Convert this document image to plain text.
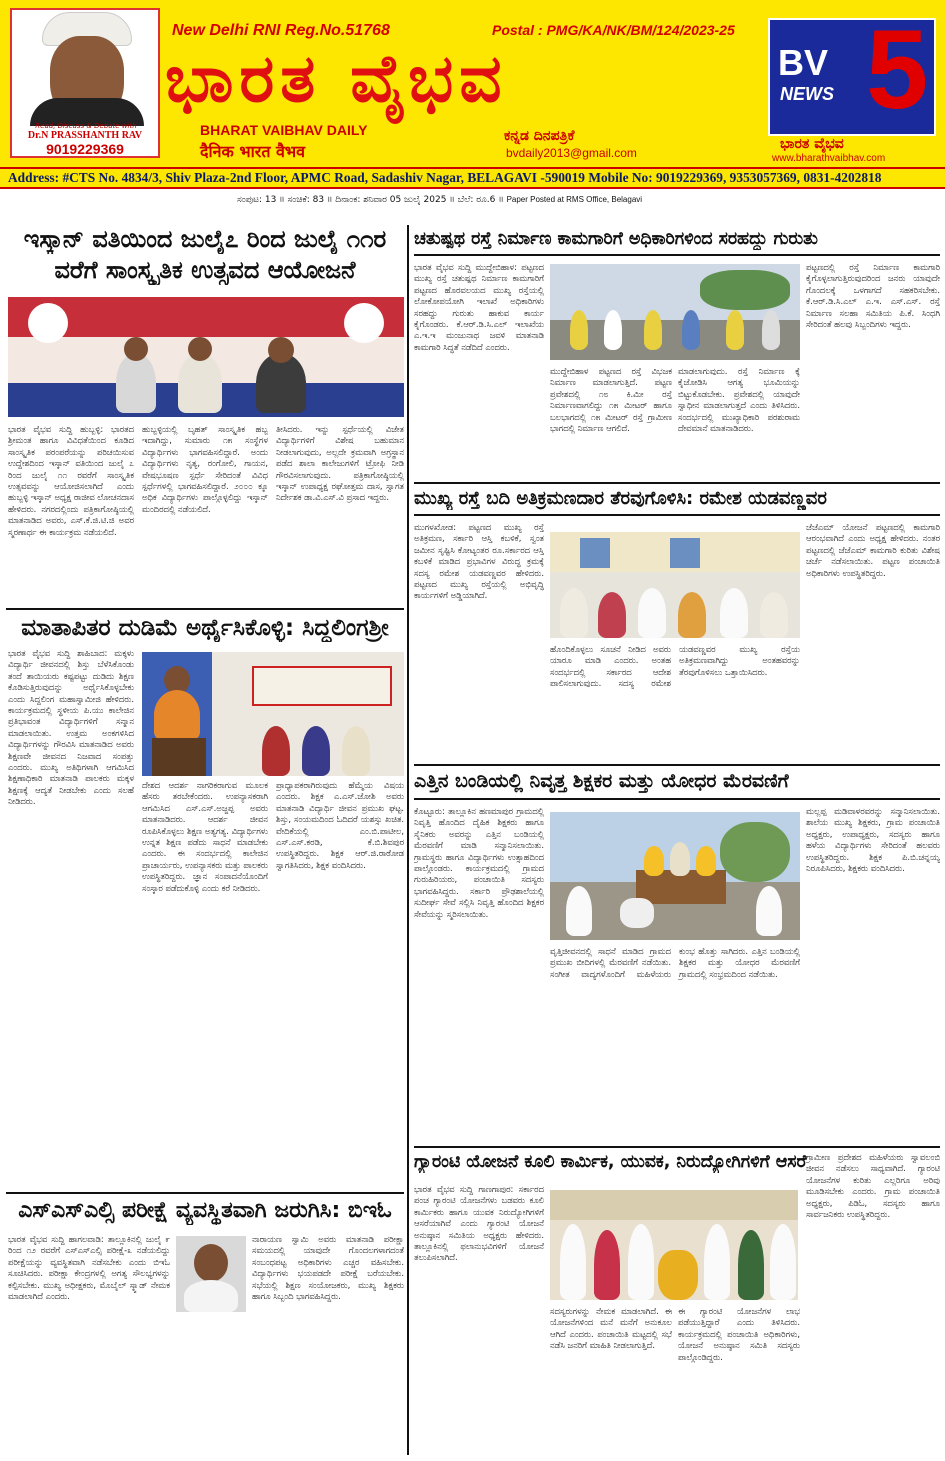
Read, Discuss & Debate with
Dr.N PRASSHANTH RAV
9019229369
New Delhi RNI Reg.No.51768	Postal : PMG/KA/NK/BM/124/2023-25
ಭಾರತ ವೈಭವ
BHARAT VAIBHAV DAILY
दैनिक भारत वैभव
ಕನ್ನಡ ದಿನಪತ್ರಿಕೆ
bvdaily2013@gmail.com
BV
NEWS 5
ಭಾರತ ವೈಭವ
www.bharathvaibhav.com
Address: #CTS No. 4834/3, Shiv Plaza-2nd Floor, APMC Road, Sadashiv Nagar, BELAGAVI -590019 Mobile No: 9019229369, 9353057369, 0831-4202818
ಸಂಪುಟ: 13 ॥ ಸಂಚಿಕೆ: 83 ॥ ದಿನಾಂಕ: ಶನಿವಾರ 05 ಜುಲೈ 2025 ॥ ಬೆಲೆ: ರೂ.6 ॥ Paper Posted at RMS Office, Belagavi
ಇಸ್ಕಾನ್ ವತಿಯಿಂದ ಜುಲೈ೭ ರಿಂದ ಜುಲೈ ೧೧ರ
ವರೆಗೆ ಸಾಂಸ್ಕೃತಿಕ ಉತ್ಸವದ ಆಯೋಜನೆ
ಭಾರತ ವೈಭವ ಸುದ್ದಿ ಹುಬ್ಬಳ್ಳಿ: ಭಾರತದ ಶ್ರೀಮಂತ ಹಾಗೂ ವಿವಿಧತೆಯಿಂದ ಕೂಡಿದ ಸಾಂಸ್ಕೃತಿಕ ಪರಂಪರೆಯನ್ನು ಪರಿಚಯಿಸುವ ಉದ್ದೇಶದಿಂದ ಇಸ್ಕಾನ್ ವತಿಯಿಂದ ಜುಲೈ ೭ ರಿಂದ ಜುಲೈ ೧೧ ರವರೆಗೆ ಸಾಂಸ್ಕೃತಿಕ ಉತ್ಸವವನ್ನು ಆಯೋಜಿಸಲಾಗಿದೆ ಎಂದು ಹುಬ್ಬಳ್ಳಿ ಇಸ್ಕಾನ್ ಅಧ್ಯಕ್ಷ ರಾಜೀವ ಲೋಚನದಾಸ ಹೇಳಿದರು. ನಗರದಲ್ಲಿಂದು ಪತ್ರಿಕಾಗೋಷ್ಠಿಯಲ್ಲಿ ಮಾತನಾಡಿದ ಅವರು, ಎಸ್.ಕೆ.ಜಿ.ಟಿ.ಜಿ ಅವರ ಸ್ಮರಣಾರ್ಥ ಈ ಕಾರ್ಯಕ್ರಮ ನಡೆಯಲಿದೆ.
ಹುಬ್ಬಳ್ಳಿಯಲ್ಲಿ ಬೃಹತ್ ಸಾಂಸ್ಕೃತಿಕ ಹಬ್ಬ ಇದಾಗಿದ್ದು, ಸುಮಾರು ೧೫ ಸಂಸ್ಥೆಗಳ ವಿದ್ಯಾರ್ಥಿಗಳು ಭಾಗವಹಿಸಲಿದ್ದಾರೆ. ಅಂದು ವಿದ್ಯಾರ್ಥಿಗಳು ನೃತ್ಯ, ರಂಗೋಲಿ, ಗಾಯನ, ವೇಷಭೂಷಣ ಸ್ಪರ್ಧೆ ಸೇರಿದಂತೆ ವಿವಿಧ ಸ್ಪರ್ಧೆಗಳಲ್ಲಿ ಭಾಗವಹಿಸಲಿದ್ದಾರೆ. ೨೦೦೦ ಕ್ಕೂ ಅಧಿಕ ವಿದ್ಯಾರ್ಥಿಗಳು ಪಾಲ್ಗೊಳ್ಳಲಿದ್ದು ಇಸ್ಕಾನ್ ಮಂದಿರದಲ್ಲಿ ನಡೆಯಲಿದೆ.
ತೀಸಿದರು. ಇನ್ನು ಸ್ಪರ್ಧೆಯಲ್ಲಿ ವಿಜೇತ ವಿದ್ಯಾರ್ಥಿಗಳಿಗೆ ವಿಶೇಷ ಬಹುಮಾನ ನೀಡಲಾಗುವುದು, ಅಲ್ಲದೇ ಕ್ರಮವಾಗಿ ಅಗ್ರಸ್ಥಾನ ಪಡೆದ ಶಾಲಾ ಕಾಲೇಜುಗಳಿಗೆ ಟ್ರೋಫಿ ನೀಡಿ ಗೌರವಿಸಲಾಗುವುದು. ಪತ್ರಿಕಾಗೋಷ್ಠಿಯಲ್ಲಿ ಇಸ್ಕಾನ್ ಉಪಾಧ್ಯಕ್ಷ ರಘೋತ್ತಮ ದಾಸ, ಸ್ವಾಗತ ನಿರ್ದೇಶಕ ಡಾ.ವಿ.ಎಸ್.ವಿ ಪ್ರಸಾದ ಇದ್ದರು.
ಮಾತಾಪಿತರ ದುಡಿಮೆ ಅರ್ಥೈಸಿಕೊಳ್ಳಿ: ಸಿದ್ದಲಿಂಗಶ್ರೀ
ಭಾರತ ವೈಭವ ಸುದ್ದಿ ಶಾಹಿಬಾದ: ಮಕ್ಕಳು ವಿದ್ಯಾರ್ಥಿ ಜೀವನದಲ್ಲಿ ಶಿಸ್ತು ಬೆಳೆಸಿಕೊಂಡು ತಂದೆ ತಾಯಿಯರು ಕಷ್ಟಪಟ್ಟು ದುಡಿದು ಶಿಕ್ಷಣ ಕೊಡಿಸುತ್ತಿರುವುದನ್ನು ಅರ್ಥೈಸಿಕೊಳ್ಳಬೇಕು ಎಂದು ಸಿದ್ದಲಿಂಗ ಮಹಾಸ್ವಾಮೀಜಿ ಹೇಳಿದರು. ಕಾರ್ಯಕ್ರಮದಲ್ಲಿ ಸ್ಥಳೀಯ ಪಿ.ಯು ಕಾಲೇಜಿನ ಪ್ರತಿಭಾವಂತ ವಿದ್ಯಾರ್ಥಿಗಳಿಗೆ ಸನ್ಮಾನ ಮಾಡಲಾಯಿತು. ಉತ್ತಮ ಅಂಕಗಳಿಸಿದ ವಿದ್ಯಾರ್ಥಿಗಳನ್ನು ಗೌರವಿಸಿ ಮಾತನಾಡಿದ ಅವರು ಶಿಕ್ಷಣವೇ ಜೀವನದ ನಿಜವಾದ ಸಂಪತ್ತು ಎಂದರು. ಮುಖ್ಯ ಅತಿಥಿಗಳಾಗಿ ಆಗಮಿಸಿದ ಶಿಕ್ಷಣಾಧಿಕಾರಿ ಮಾತನಾಡಿ ಪಾಲಕರು ಮಕ್ಕಳ ಶಿಕ್ಷಣಕ್ಕೆ ಆದ್ಯತೆ ನೀಡಬೇಕು ಎಂದು ಸಲಹೆ ನೀಡಿದರು.
ದೇಶದ ಆದರ್ಶ ನಾಗರಿಕರಾಗುವ ಮೂಲಕ ಹೆಸರು ತರಬೇಕೆಂದರು. ಉಪನ್ಯಾಸಕರಾಗಿ ಆಗಮಿಸಿದ ಎಸ್.ಎಸ್.ಅಜ್ಜಪ್ಪ ಅವರು ಮಾತನಾಡಿದರು. ಆದರ್ಶ ಜೀವನ ರೂಪಿಸಿಕೊಳ್ಳಲು ಶಿಕ್ಷಣ ಅತ್ಯಗತ್ಯ. ವಿದ್ಯಾರ್ಥಿಗಳು ಉನ್ನತ ಶಿಕ್ಷಣ ಪಡೆದು ಸಾಧನೆ ಮಾಡಬೇಕು ಎಂದರು. ಈ ಸಂದರ್ಭದಲ್ಲಿ ಕಾಲೇಜಿನ ಪ್ರಾಚಾರ್ಯರು, ಉಪನ್ಯಾಸಕರು ಮತ್ತು ಪಾಲಕರು ಉಪಸ್ಥಿತರಿದ್ದರು. ಜ್ಞಾನ ಸಂಪಾದನೆಯೊಂದಿಗೆ ಸಂಸ್ಕಾರ ಪಡೆದುಕೊಳ್ಳಿ ಎಂದು ಕರೆ ನೀಡಿದರು.
ಪ್ರಾಧ್ಯಾಪಕರಾಗಿರುವುದು ಹೆಮ್ಮೆಯ ವಿಷಯ ಎಂದರು. ಶಿಕ್ಷಕ ಎ.ಎಸ್.ಜೋಶಿ ಅವರು ಮಾತನಾಡಿ ವಿದ್ಯಾರ್ಥಿ ಜೀವನ ಪ್ರಮುಖ ಘಟ್ಟ. ಶಿಸ್ತು, ಸಂಯಮದಿಂದ ಓದಿದರೆ ಯಶಸ್ಸು ಖಚಿತ. ವೇದಿಕೆಯಲ್ಲಿ ಎಂ.ಬಿ.ಪಾಟೀಲ, ಎಸ್.ಎಸ್.ಕರಡಿ, ಕೆ.ಬಿ.ಶಿವಪುರ ಉಪಸ್ಥಿತರಿದ್ದರು. ಶಿಕ್ಷಕ ಆರ್.ಜಿ.ರಾಠೋಡ ಸ್ವಾಗತಿಸಿದರು, ಶಿಕ್ಷಕ ವಂದಿಸಿದರು.
ಎಸ್‌ಎಸ್‌ಎಲ್ಸಿ ಪರೀಕ್ಷೆ ವ್ಯವಸ್ಥಿತವಾಗಿ ಜರುಗಿಸಿ: ಬಿಇಓ
ಭಾರತ ವೈಭವ ಸುದ್ದಿ ಹಾಗಲವಾಡಿ: ತಾಲ್ಲೂಕಿನಲ್ಲಿ ಜುಲೈ ೯ ರಿಂದ ೧೨ ರವರೆಗೆ ಎಸ್‌ಎಸ್‌ಎಲ್ಸಿ ಪರೀಕ್ಷೆ-೩ ನಡೆಯಲಿದ್ದು ಪರೀಕ್ಷೆಯನ್ನು ವ್ಯವಸ್ಥಿತವಾಗಿ ನಡೆಸಬೇಕು ಎಂದು ಬಿಇಓ ಸೂಚಿಸಿದರು. ಪರೀಕ್ಷಾ ಕೇಂದ್ರಗಳಲ್ಲಿ ಅಗತ್ಯ ಸೌಲಭ್ಯಗಳನ್ನು ಕಲ್ಪಿಸಬೇಕು. ಮುಖ್ಯ ಅಧೀಕ್ಷಕರು, ಮೊಬೈಲ್ ಸ್ಕ್ವಾಡ್ ನೇಮಕ ಮಾಡಲಾಗಿದೆ ಎಂದರು.
ನಾರಾಯಣ ಸ್ವಾಮಿ ಅವರು ಮಾತನಾಡಿ ಪರೀಕ್ಷಾ ಸಮಯದಲ್ಲಿ ಯಾವುದೇ ಗೊಂದಲಗಳಾಗದಂತೆ ಸಂಬಂಧಪಟ್ಟ ಅಧಿಕಾರಿಗಳು ಎಚ್ಚರ ವಹಿಸಬೇಕು. ವಿದ್ಯಾರ್ಥಿಗಳು ಭಯಪಡದೇ ಪರೀಕ್ಷೆ ಬರೆಯಬೇಕು. ಸಭೆಯಲ್ಲಿ ಶಿಕ್ಷಣ ಸಂಯೋಜಕರು, ಮುಖ್ಯ ಶಿಕ್ಷಕರು ಹಾಗೂ ಸಿಬ್ಬಂದಿ ಭಾಗವಹಿಸಿದ್ದರು.
ಚತುಷ್ಪಥ ರಸ್ತೆ ನಿರ್ಮಾಣ ಕಾಮಗಾರಿಗೆ ಅಧಿಕಾರಿಗಳಿಂದ ಸರಹದ್ದು ಗುರುತು
ಭಾರತ ವೈಭವ ಸುದ್ದಿ ಮುದ್ದೇಬಿಹಾಳ: ಪಟ್ಟಣದ ಮುಖ್ಯ ರಸ್ತೆ ಚತುಷ್ಪಥ ನಿರ್ಮಾಣ ಕಾಮಗಾರಿಗೆ ಪಟ್ಟಣದ ಹೊರವಲಯದ ಮುಖ್ಯ ರಸ್ತೆಯಲ್ಲಿ ಲೋಕೋಪಯೋಗಿ ಇಲಾಖೆ ಅಧಿಕಾರಿಗಳು ಸರಹದ್ದು ಗುರುತು ಹಾಕುವ ಕಾರ್ಯ ಕೈಗೊಂಡರು. ಕೆ.ಆರ್.ಡಿ.ಸಿ.ಎಲ್ ಇಲಾಖೆಯ ಎ.ಇ.ಇ ಮಂಜುನಾಥ ಜವಳಿ ಮಾತನಾಡಿ ಕಾಮಗಾರಿ ಸಿದ್ಧತೆ ನಡೆದಿದೆ ಎಂದರು.
ಮುದ್ದೇಬಿಹಾಳ ಪಟ್ಟಣದ ರಸ್ತೆ ವಿಭಜಕ ನಿರ್ಮಾಣ ಮಾಡಲಾಗುತ್ತಿದೆ. ಪಟ್ಟಣ ಪ್ರವೇಶದಲ್ಲಿ ೧೮ ಕಿ.ಮೀ ರಸ್ತೆ ನಿರ್ಮಾಣವಾಗಲಿದ್ದು ೧೫ ಮೀಟರ್ ಹಾಗೂ ಬಲಭಾಗದಲ್ಲಿ ೧೫ ಮೀಟರ್ ರಸ್ತೆ ಗ್ರಾಮೀಣ ಭಾಗದಲ್ಲಿ ನಿರ್ಮಾಣ ಆಗಲಿದೆ.
ಮಾಡಲಾಗುವುದು. ರಸ್ತೆ ನಿರ್ಮಾಣ ಕ್ಕೆ ಕೈಜೋಡಿಸಿ ಆಗತ್ಯ ಭೂಮಿಯನ್ನು ಬಿಟ್ಟುಕೊಡಬೇಕು. ಪ್ರವೇಶದಲ್ಲಿ ಯಾವುದೇ ಸ್ವಾಧೀನ ಮಾಡಲಾಗುತ್ತದೆ ಎಂದು ತಿಳಿಸಿದರು. ಸಂದರ್ಭದಲ್ಲಿ ಮುಖ್ಯಾಧಿಕಾರಿ ಪರಶುರಾಮ ದೇವಮಾನೆ ಮಾತನಾಡಿದರು.
ಪಟ್ಟಣದಲ್ಲಿ ರಸ್ತೆ ನಿರ್ಮಾಣ ಕಾಮಗಾರಿ ಕೈಗೊಳ್ಳಲಾಗುತ್ತಿರುವುದರಿಂದ ಜನರು ಯಾವುದೇ ಗೊಂದಲಕ್ಕೆ ಒಳಗಾಗದೆ ಸಹಕರಿಸಬೇಕು. ಕೆ.ಆರ್.ಡಿ.ಸಿ.ಎಲ್ ಎ.ಇ. ಎಸ್.ಎಸ್. ರಸ್ತೆ ನಿರ್ಮಾಣ ಸಲಹಾ ಸಮಿತಿಯ ಪಿ.ಕೆ. ಸಿಂಧಗಿ ಸೇರಿದಂತೆ ಹಲವು ಸಿಬ್ಬಂದಿಗಳು ಇದ್ದರು.
ಮುಖ್ಯ ರಸ್ತೆ ಬದಿ ಅತಿಕ್ರಮಣದಾರ ತೆರವುಗೊಳಿಸಿ: ರಮೇಶ ಯಡವಣ್ಣವರ
ಮುಗಳಖೋಡ: ಪಟ್ಟಣದ ಮುಖ್ಯ ರಸ್ತೆ ಅತಿಕ್ರಮಣ, ಸರ್ಕಾರಿ ಆಸ್ತಿ ಕಬಳಿಕೆ, ಸ್ವಂತ ಜಮೀನ ಸೃಷ್ಟಿಸಿ ಕೋಟ್ಯಂತರ ರೂ.ಸರ್ಕಾರದ ಆಸ್ತಿ ಕಬಳಿಕೆ ಮಾಡಿದ ಪ್ರಭಾವಿಗಳ ವಿರುದ್ಧ ಕ್ರಮಕ್ಕೆ ಸದಸ್ಯ ರಮೇಶ ಯಡವಣ್ಣವರ ಹೇಳಿದರು. ಪಟ್ಟಣದ ಮುಖ್ಯ ರಸ್ತೆಯಲ್ಲಿ ಅಭಿವೃದ್ಧಿ ಕಾರ್ಯಗಳಿಗೆ ಅಡ್ಡಿಯಾಗಿದೆ.
ಹೊಂದಿಕೊಳ್ಳಲು ಸೂಚನೆ ನೀಡಿದ ಅವರು ಯಾರೂ ಮಾಡಿ ಎಂದರು. ಅಂತಹ ಸಂದರ್ಭದಲ್ಲಿ ಸರ್ಕಾರದ ಆದೇಶ ಪಾಲಿಸಲಾಗುವುದು. ಸದಸ್ಯ ರಮೇಶ ಯಡವಣ್ಣವರ ಮುಖ್ಯ ರಸ್ತೆಯ ಅತಿಕ್ರಮಣವಾಗಿದ್ದು ಅಂತಹವರನ್ನು ತೆರವುಗೊಳಿಸಲು ಒತ್ತಾಯಿಸಿದರು.
ಜೆಜೆಎಮ್ ಯೋಜನೆ ಪಟ್ಟಣದಲ್ಲಿ ಕಾಮಗಾರಿ ಆರಂಭವಾಗಿದೆ ಎಂದು ಅಧ್ಯಕ್ಷ ಹೇಳಿದರು. ನಂತರ ಪಟ್ಟಣದಲ್ಲಿ ಜೆಜೆಎಮ್ ಕಾಮಗಾರಿ ಕುರಿತು ವಿಶೇಷ ಚರ್ಚೆ ನಡೆಸಲಾಯಿತು. ಪಟ್ಟಣ ಪಂಚಾಯಿತಿ ಅಧಿಕಾರಿಗಳು ಉಪಸ್ಥಿತರಿದ್ದರು.
ಎತ್ತಿನ ಬಂಡಿಯಲ್ಲಿ ನಿವೃತ್ತ ಶಿಕ್ಷಕರ ಮತ್ತು ಯೋಧರ ಮೆರವಣಿಗೆ
ಕೊಟ್ಟೂರು: ತಾಲ್ಲೂಕಿನ ಹಣಮಾಪುರ ಗ್ರಾಮದಲ್ಲಿ ನಿವೃತ್ತಿ ಹೊಂದಿದ ದೈಹಿಕ ಶಿಕ್ಷಕರು ಹಾಗೂ ಸೈನಿಕರು ಅವರನ್ನು ಎತ್ತಿನ ಬಂಡಿಯಲ್ಲಿ ಮೆರವಣಿಗೆ ಮಾಡಿ ಸನ್ಮಾನಿಸಲಾಯಿತು. ಗ್ರಾಮಸ್ಥರು ಹಾಗೂ ವಿದ್ಯಾರ್ಥಿಗಳು ಉತ್ಸಾಹದಿಂದ ಪಾಲ್ಗೊಂಡರು. ಕಾರ್ಯಕ್ರಮದಲ್ಲಿ ಗ್ರಾಮದ ಗುರುಹಿರಿಯರು, ಪಂಚಾಯಿತಿ ಸದಸ್ಯರು ಭಾಗವಹಿಸಿದ್ದರು. ಸರ್ಕಾರಿ ಪ್ರೌಢಶಾಲೆಯಲ್ಲಿ ಸುದೀರ್ಘ ಸೇವೆ ಸಲ್ಲಿಸಿ ನಿವೃತ್ತಿ ಹೊಂದಿದ ಶಿಕ್ಷಕರ ಸೇವೆಯನ್ನು ಸ್ಮರಿಸಲಾಯಿತು.
ವೃತ್ತಿಜೀವನದಲ್ಲಿ ಸಾಧನೆ ಮಾಡಿದ ಗ್ರಾಮದ ಪ್ರಮುಖ ಬೀದಿಗಳಲ್ಲಿ ಮೆರವಣಿಗೆ ನಡೆಯಿತು. ಸಂಗೀತ ವಾದ್ಯಗಳೊಂದಿಗೆ ಮಹಿಳೆಯರು ಕುಂಭ ಹೊತ್ತು ಸಾಗಿದರು. ಎತ್ತಿನ ಬಂಡಿಯಲ್ಲಿ ಶಿಕ್ಷಕರ ಮತ್ತು ಯೋಧರ ಮೆರವಣಿಗೆ ಗ್ರಾಮದಲ್ಲಿ ಸಂಭ್ರಮದಿಂದ ನಡೆಯಿತು.
ಮಲ್ಲಪ್ಪ ಮಡಿವಾಳರವರನ್ನು ಸನ್ಮಾನಿಸಲಾಯಿತು. ಶಾಲೆಯ ಮುಖ್ಯ ಶಿಕ್ಷಕರು, ಗ್ರಾಮ ಪಂಚಾಯಿತಿ ಅಧ್ಯಕ್ಷರು, ಉಪಾಧ್ಯಕ್ಷರು, ಸದಸ್ಯರು ಹಾಗೂ ಹಳೆಯ ವಿದ್ಯಾರ್ಥಿಗಳು ಸೇರಿದಂತೆ ಹಲವರು ಉಪಸ್ಥಿತರಿದ್ದರು. ಶಿಕ್ಷಕ ಪಿ.ಬಿ.ಚನ್ನಯ್ಯ ನಿರೂಪಿಸಿದರು, ಶಿಕ್ಷಕರು ವಂದಿಸಿದರು.
ಗ್ಯಾರಂಟಿ ಯೋಜನೆ ಕೂಲಿ ಕಾರ್ಮಿಕ, ಯುವಕ, ನಿರುದ್ಯೋಗಿಗಳಿಗೆ ಆಸರೆ
ಭಾರತ ವೈಭವ ಸುದ್ದಿ ಗಾಣಗಾಪುರ: ಸರ್ಕಾರದ ಪಂಚ ಗ್ಯಾರಂಟಿ ಯೋಜನೆಗಳು ಬಡವರು ಕೂಲಿ ಕಾರ್ಮಿಕರು ಹಾಗೂ ಯುವಕ ನಿರುದ್ಯೋಗಿಗಳಿಗೆ ಆಸರೆಯಾಗಿವೆ ಎಂದು ಗ್ಯಾರಂಟಿ ಯೋಜನೆ ಅನುಷ್ಠಾನ ಸಮಿತಿಯ ಅಧ್ಯಕ್ಷರು ಹೇಳಿದರು. ತಾಲ್ಲೂಕಿನಲ್ಲಿ ಫಲಾನುಭವಿಗಳಿಗೆ ಯೋಜನೆ ತಲುಪಿಸಲಾಗಿದೆ.
ಸದಸ್ಯರುಗಳನ್ನು ನೇಮಕ ಮಾಡಲಾಗಿದೆ. ಈ ಯೋಜನೆಗಳಿಂದ ಮನೆ ಮನೆಗೆ ಅನುಕೂಲ ಆಗಿದೆ ಎಂದರು. ಪಂಚಾಯಿತಿ ಮಟ್ಟದಲ್ಲಿ ಸಭೆ ನಡೆಸಿ ಜನರಿಗೆ ಮಾಹಿತಿ ನೀಡಲಾಗುತ್ತಿದೆ.
ಈ ಗ್ಯಾರಂಟಿ ಯೋಜನೆಗಳ ಲಾಭ ಪಡೆಯುತ್ತಿದ್ದಾರೆ ಎಂದು ತಿಳಿಸಿದರು. ಕಾರ್ಯಕ್ರಮದಲ್ಲಿ ಪಂಚಾಯಿತಿ ಅಧಿಕಾರಿಗಳು, ಯೋಜನೆ ಅನುಷ್ಠಾನ ಸಮಿತಿ ಸದಸ್ಯರು ಪಾಲ್ಗೊಂಡಿದ್ದರು.
ಗ್ರಾಮೀಣ ಪ್ರದೇಶದ ಮಹಿಳೆಯರು ಸ್ವಾವಲಂಬಿ ಜೀವನ ನಡೆಸಲು ಸಾಧ್ಯವಾಗಿದೆ. ಗ್ಯಾರಂಟಿ ಯೋಜನೆಗಳ ಕುರಿತು ಎಲ್ಲರಿಗೂ ಅರಿವು ಮೂಡಿಸಬೇಕು ಎಂದರು. ಗ್ರಾಮ ಪಂಚಾಯಿತಿ ಅಧ್ಯಕ್ಷರು, ಪಿಡಿಓ, ಸದಸ್ಯರು ಹಾಗೂ ಸಾರ್ವಜನಿಕರು ಉಪಸ್ಥಿತರಿದ್ದರು.
